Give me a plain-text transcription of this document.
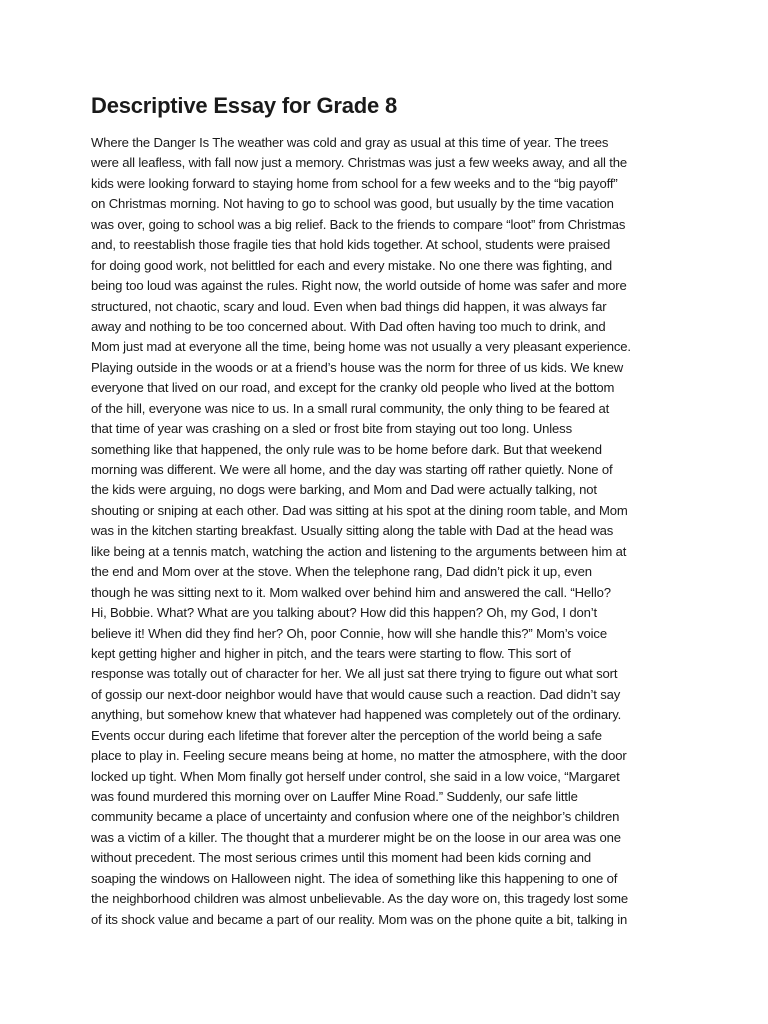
Descriptive Essay for Grade 8
Where the Danger Is The weather was cold and gray as usual at this time of year. The trees
were all leafless, with fall now just a memory. Christmas was just a few weeks away, and all the
kids were looking forward to staying home from school for a few weeks and to the “big payoff”
on Christmas morning. Not having to go to school was good, but usually by the time vacation
was over, going to school was a big relief. Back to the friends to compare “loot” from Christmas
and, to reestablish those fragile ties that hold kids together. At school, students were praised
for doing good work, not belittled for each and every mistake. No one there was fighting, and
being too loud was against the rules. Right now, the world outside of home was safer and more
structured, not chaotic, scary and loud. Even when bad things did happen, it was always far
away and nothing to be too concerned about. With Dad often having too much to drink, and
Mom just mad at everyone all the time, being home was not usually a very pleasant experience.
Playing outside in the woods or at a friend’s house was the norm for three of us kids. We knew
everyone that lived on our road, and except for the cranky old people who lived at the bottom
of the hill, everyone was nice to us. In a small rural community, the only thing to be feared at
that time of year was crashing on a sled or frost bite from staying out too long. Unless
something like that happened, the only rule was to be home before dark. But that weekend
morning was different. We were all home, and the day was starting off rather quietly. None of
the kids were arguing, no dogs were barking, and Mom and Dad were actually talking, not
shouting or sniping at each other. Dad was sitting at his spot at the dining room table, and Mom
was in the kitchen starting breakfast. Usually sitting along the table with Dad at the head was
like being at a tennis match, watching the action and listening to the arguments between him at
the end and Mom over at the stove. When the telephone rang, Dad didn’t pick it up, even
though he was sitting next to it. Mom walked over behind him and answered the call. “Hello?
Hi, Bobbie. What? What are you talking about? How did this happen? Oh, my God, I don’t
believe it! When did they find her? Oh, poor Connie, how will she handle this?” Mom’s voice
kept getting higher and higher in pitch, and the tears were starting to flow. This sort of
response was totally out of character for her. We all just sat there trying to figure out what sort
of gossip our next-door neighbor would have that would cause such a reaction. Dad didn’t say
anything, but somehow knew that whatever had happened was completely out of the ordinary.
Events occur during each lifetime that forever alter the perception of the world being a safe
place to play in. Feeling secure means being at home, no matter the atmosphere, with the door
locked up tight. When Mom finally got herself under control, she said in a low voice, “Margaret
was found murdered this morning over on Lauffer Mine Road.” Suddenly, our safe little
community became a place of uncertainty and confusion where one of the neighbor’s children
was a victim of a killer. The thought that a murderer might be on the loose in our area was one
without precedent. The most serious crimes until this moment had been kids corning and
soaping the windows on Halloween night. The idea of something like this happening to one of
the neighborhood children was almost unbelievable. As the day wore on, this tragedy lost some
of its shock value and became a part of our reality. Mom was on the phone quite a bit, talking in
